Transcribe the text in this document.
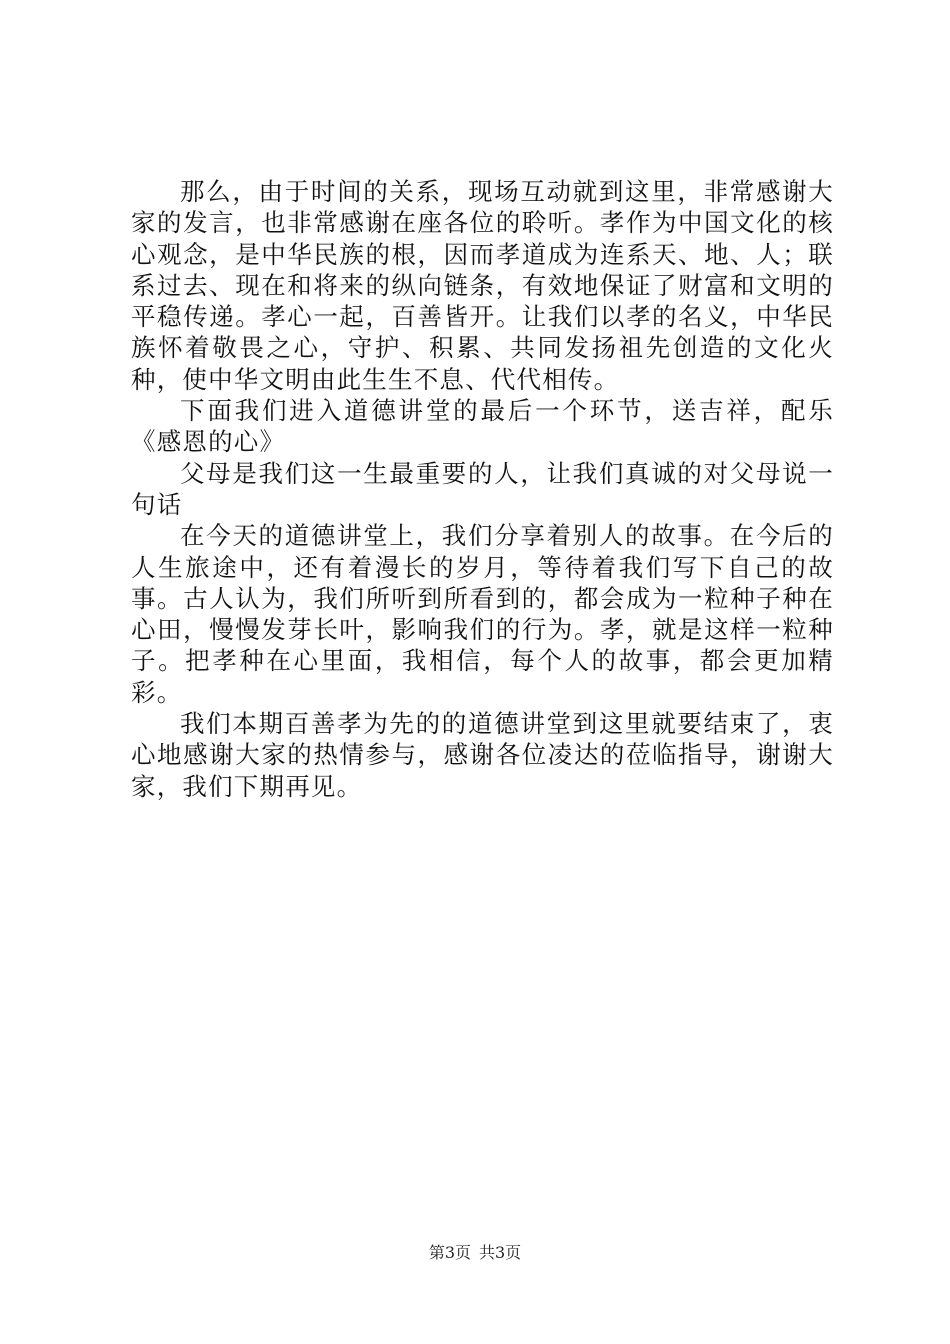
那么，由于时间的关系，现场互动就到这里，非常感谢大家的发言，也非常感谢在座各位的聆听。孝作为中国文化的核心观念，是中华民族的根，因而孝道成为连系天、地、人；联系过去、现在和将来的纵向链条，有效地保证了财富和文明的平稳传递。孝心一起，百善皆开。让我们以孝的名义，中华民族怀着敬畏之心，守护、积累、共同发扬祖先创造的文化火种，使中华文明由此生生不息、代代相传。

下面我们进入道德讲堂的最后一个环节，送吉祥，配乐《感恩的心》

父母是我们这一生最重要的人，让我们真诚的对父母说一句话

在今天的道德讲堂上，我们分享着别人的故事。在今后的人生旅途中，还有着漫长的岁月，等待着我们写下自己的故事。古人认为，我们所听到所看到的，都会成为一粒种子种在心田，慢慢发芽长叶，影响我们的行为。孝，就是这样一粒种子。把孝种在心里面，我相信，每个人的故事，都会更加精彩。

我们本期百善孝为先的的道德讲堂到这里就要结束了，衷心地感谢大家的热情参与，感谢各位凌达的莅临指导，谢谢大家，我们下期再见。

第3页 共3页
